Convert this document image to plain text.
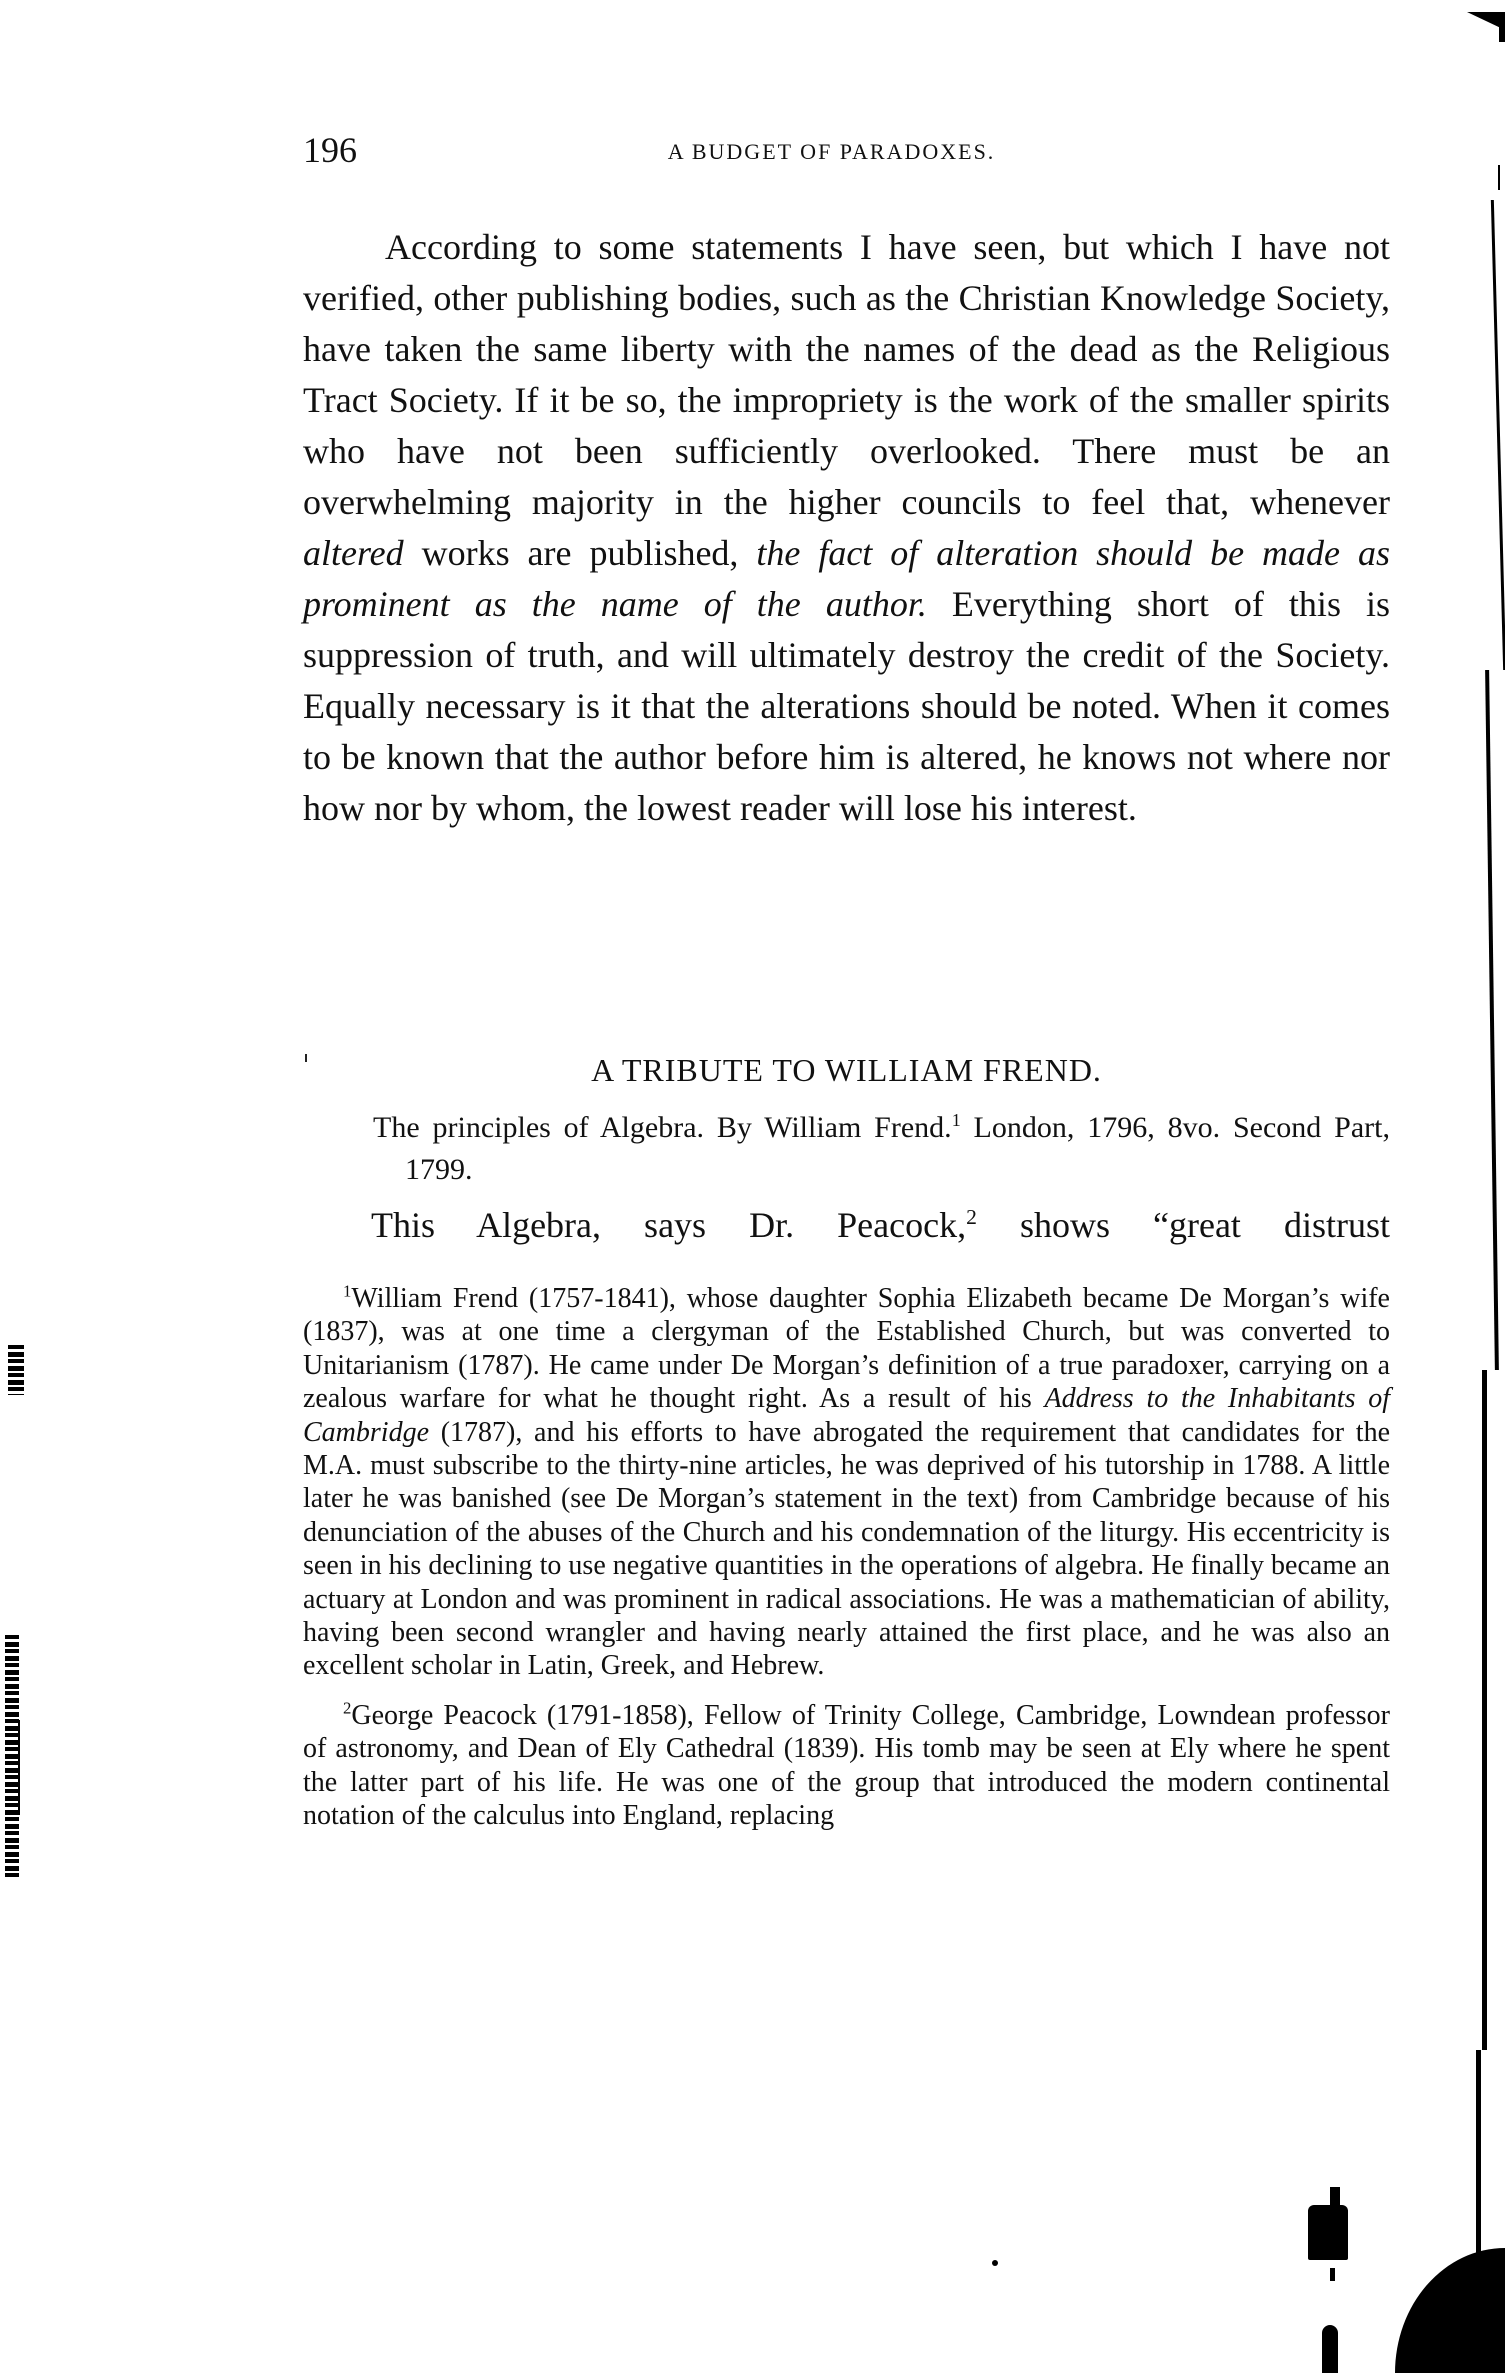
196	A BUDGET OF PARADOXES.

According to some statements I have seen, but which I have not verified, other publishing bodies, such as the Christian Knowledge Society, have taken the same liberty with the names of the dead as the Religious Tract Society. If it be so, the impropriety is the work of the smaller spirits who have not been sufficiently overlooked. There must be an overwhelming majority in the higher councils to feel that, whenever altered works are published, the fact of alteration should be made as prominent as the name of the author. Everything short of this is suppression of truth, and will ultimately destroy the credit of the Society. Equally necessary is it that the alterations should be noted. When it comes to be known that the author before him is altered, he knows not where nor how nor by whom, the lowest reader will lose his interest.

A TRIBUTE TO WILLIAM FREND.
The principles of Algebra. By William Frend.$^1$ London, 1796, 8vo. Second Part, 1799.
This Algebra, says Dr. Peacock,$^2$ shows “great distrust

$^1$William Frend (1757-1841), whose daughter Sophia Elizabeth became De Morgan’s wife (1837), was at one time a clergyman of the Established Church, but was converted to Unitarianism (1787). He came under De Morgan’s definition of a true paradoxer, carrying on a zealous warfare for what he thought right. As a result of his Address to the Inhabitants of Cambridge (1787), and his efforts to have abrogated the requirement that candidates for the M.A. must subscribe to the thirty-nine articles, he was deprived of his tutorship in 1788. A little later he was banished (see De Morgan’s statement in the text) from Cambridge because of his denunciation of the abuses of the Church and his condemnation of the liturgy. His eccentricity is seen in his declining to use negative quantities in the operations of algebra. He finally became an actuary at London and was prominent in radical associations. He was a mathematician of ability, having been second wrangler and having nearly attained the first place, and he was also an excellent scholar in Latin, Greek, and Hebrew.

$^2$George Peacock (1791-1858), Fellow of Trinity College, Cambridge, Lowndean professor of astronomy, and Dean of Ely Cathedral (1839). His tomb may be seen at Ely where he spent the latter part of his life. He was one of the group that introduced the modern continental notation of the calculus into England, replacing
